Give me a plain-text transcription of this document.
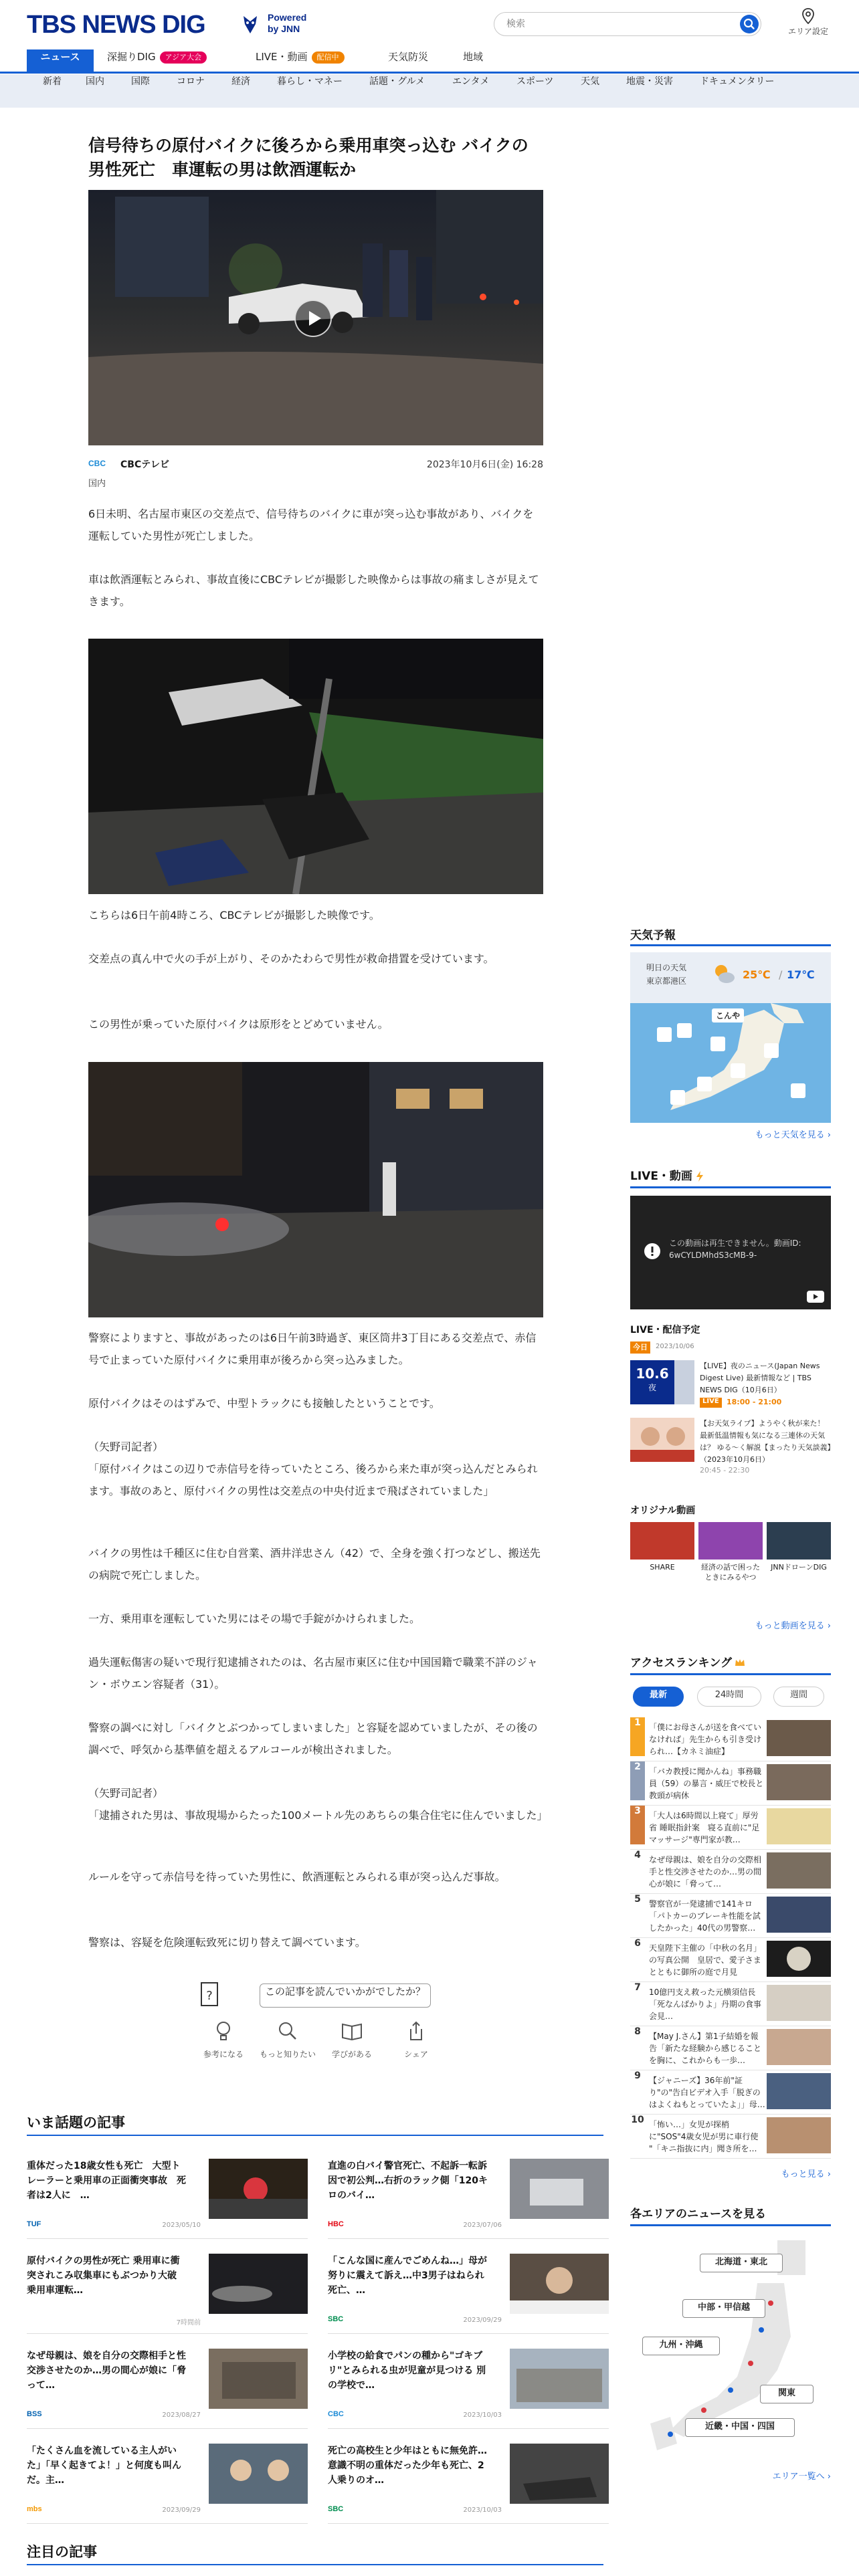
TBS NEWS DIG	Powered by JNN
検索	エリア設定
ニュース	深掘りDIG アジア大会	LIVE・動画 配信中	天気防災	地域
新着	国内	国際	コロナ	経済	暮らし・マネー	話題・グルメ	エンタメ	スポーツ	天気	地震・災害	ドキュメンタリー
信号待ちの原付バイクに後ろから乗用車突っ込む バイクの男性死亡　車運転の男は飲酒運転か
CBC CBCテレビ	2023年10月6日(金) 16:28
国内

6日未明、名古屋市東区の交差点で、信号待ちのバイクに車が突っ込む事故があり、バイクを運転していた男性が死亡しました。

車は飲酒運転とみられ、事故直後にCBCテレビが撮影した映像からは事故の痛ましさが見えてきます。

こちらは6日午前4時ころ、CBCテレビが撮影した映像です。

交差点の真ん中で火の手が上がり、そのかたわらで男性が救命措置を受けています。

この男性が乗っていた原付バイクは原形をとどめていません。

警察によりますと、事故があったのは6日午前3時過ぎ、東区筒井3丁目にある交差点で、赤信号で止まっていた原付バイクに乗用車が後ろから突っ込みました。

原付バイクはそのはずみで、中型トラックにも接触したということです。

（矢野司記者）
「原付バイクはこの辺りで赤信号を待っていたところ、後ろから来た車が突っ込んだとみられます。事故のあと、原付バイクの男性は交差点の中央付近まで飛ばされていました」

バイクの男性は千種区に住む自営業、酒井洋忠さん（42）で、全身を強く打つなどし、搬送先の病院で死亡しました。

一方、乗用車を運転していた男にはその場で手錠がかけられました。

過失運転傷害の疑いで現行犯逮捕されたのは、名古屋市東区に住む中国国籍で職業不詳のジャン・ボウエン容疑者（31）。

警察の調べに対し「バイクとぶつかってしまいました」と容疑を認めていましたが、その後の調べで、呼気から基準値を超えるアルコールが検出されました。

（矢野司記者）
「逮捕された男は、事故現場からたった100メートル先のあちらの集合住宅に住んでいました」

ルールを守って赤信号を待っていた男性に、飲酒運転とみられる車が突っ込んだ事故。

警察は、容疑を危険運転致死に切り替えて調べています。

?	この記事を読んでいかがでしたか？
参考になる	もっと知りたい	学びがある	シェア
いま話題の記事
重体だった18歳女性も死亡　大型トレーラーと乗用車の正面衝突事故　死者は2人に　…
TUF	2023/05/10
直進の白バイ警官死亡、不起訴一転訴因で初公判…右折のラック側「120キロのバイ…
HBC	2023/07/06
原付バイクの男性が死亡 乗用車に衝突されこみ収集車にもぶつかり大破　乗用車運転…
7時間前
「こんな国に産んでごめんね…」母が努りに震えて訴え…中3男子はねられ死亡、…
SBC	2023/09/29
なぜ母親は、娘を自分の交際相手と性交渉させたのか…男の間心が娘に「脅って…
BSS	2023/08/27
小学校の給食でパンの種から"ゴキブリ"とみられる虫が児童が見つける 別の学校で…
CBC	2023/10/03
「たくさん血を流している主人がいた」「早く起きてよ！」と何度も叫んだ。主…
mbs	2023/09/29
死亡の高校生と少年はともに無免許…意識不明の重体だった少年も死亡、2人乗りのオ…
SBC	2023/10/03
注目の記事
天気予報
明日の天気
東京都港区	25℃ / 17℃
こんや
もっと天気を見る ›
LIVE・動画
この動画は再生できません。動画ID: 6wCYLDMhdS3cMB-9-
LIVE・配信予定
今日	2023/10/06
10.6
夜
【LIVE】夜のニュース(Japan News Digest Live) 最新情報など | TBS NEWS DIG（10月6日）
LIVE	18:00 - 21:00
【お天気ライブ】ようやく秋が来た！ 最新低温情報も気になる三連休の天気は？ ゆる〜く解説【まったり天気談義】（2023年10月6日）
20:45 - 22:30
オリジナル動画
SHARE	経済の話で困ったときにみるやつ
JNNドローンDIG
もっと動画を見る ›
アクセスランキング
最新	24時間	週間
1	「僕にお母さんが送を食べていなければ」先生からも引き受けられ…【カネミ油症】
2	「バカ教授に聞かんね」事務職員（59）の暴言・威圧で校長と教頭が病休
3	「大人は6時間以上寝て」厚労省 睡眠指針案　寝る直前に"足マッサージ"専門家が教…
4	なぜ母親は、娘を自分の交際相手と性交渉させたのか…男の間心が娘に「脅って…
5	警察官が一発逮捕で141キロ「パトカーのブレーキ性能を試したかった」40代の男警察…
6	天皇陛下主催の「中秋の名月」の写真公開　皇居で、愛子さまとともに御所の庭で月見
7	10億円支え救った元横須信長「死なんばかりよ」丹期の食事会見…
8	【May J.さん】第1子結婚を報告「新たな経験から感じることを胸に、これからも一歩…
9	【ジャニーズ】36年前"証り"の"告白ビデオ入手「脱ぎのはよくねもとっていたよ」」母…
10 「怖い…」女児が探梢に"SOS"4歳女児が男に車行使 "「キニ指抜に内」聞き所を…
もっと見る ›
各エリアのニュースを見る
北海道・東北
中部・甲信越
九州・沖縄
関東
近畿・中国・四国
エリア一覧へ ›
